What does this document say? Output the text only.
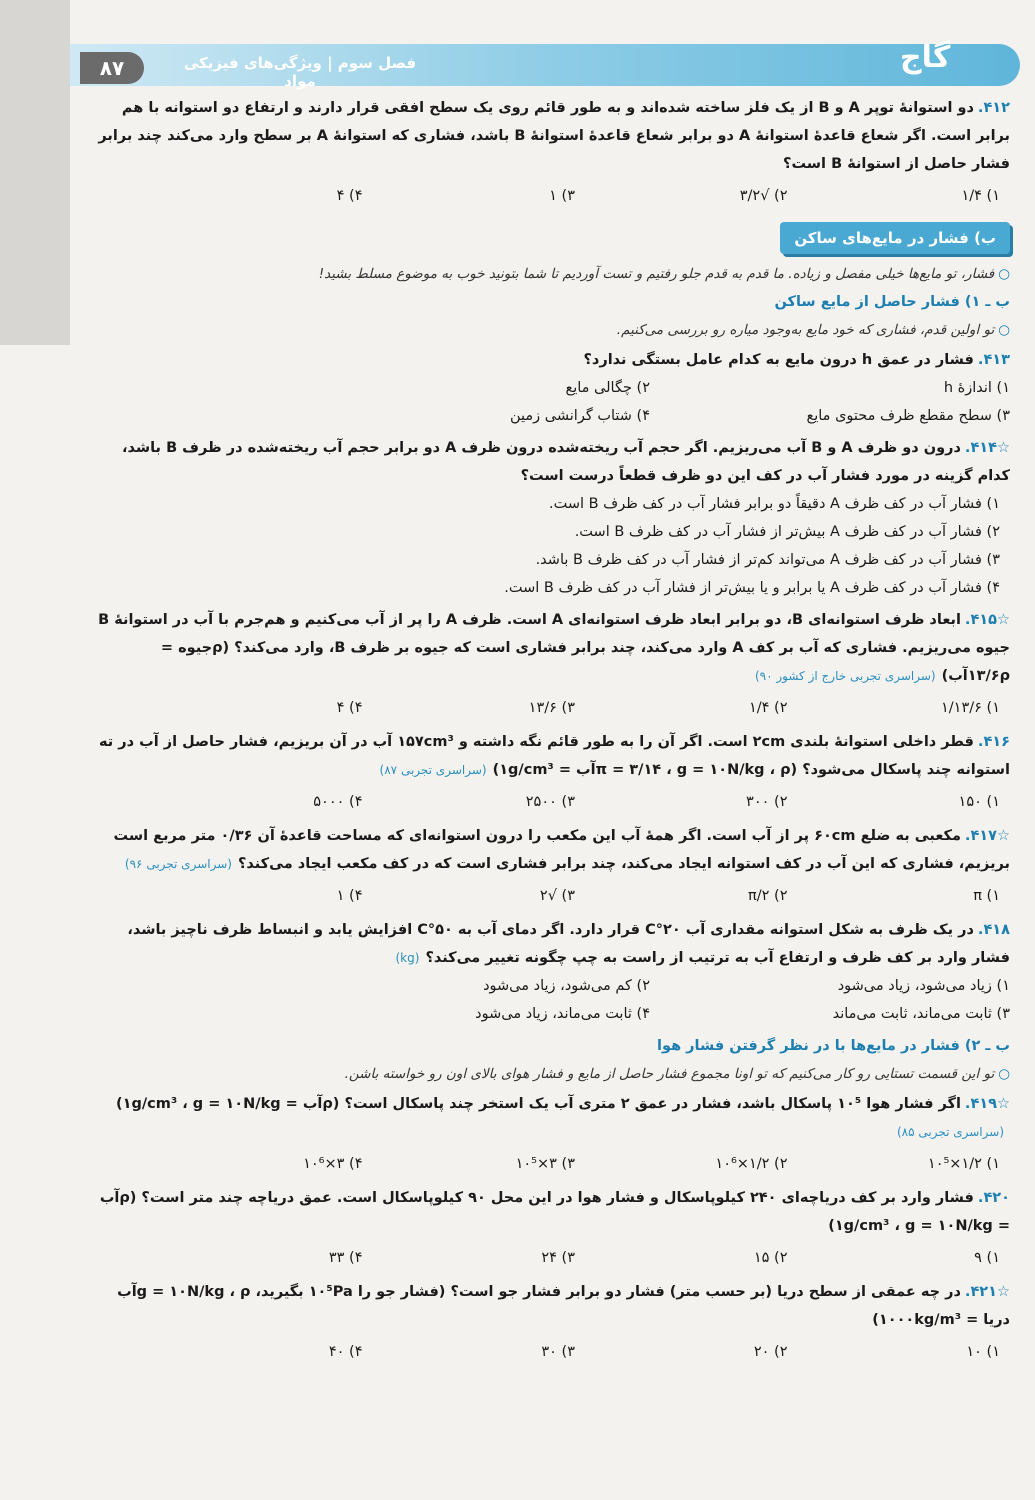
۸۷	فصل سوم | ویژگی‌های فیزیکی مواد
گاج
۴۱۲.دو استوانهٔ توپر A و B از یک فلز ساخته شده‌اند و به طور قائم روی یک سطح افقی قرار دارند و ارتفاع دو استوانه با هم برابر است. اگر شعاع قاعدهٔ استوانهٔ A دو برابر شعاع قاعدهٔ استوانهٔ B باشد، فشاری که استوانهٔ A بر سطح وارد می‌کند چند برابر فشار حاصل از استوانهٔ B است؟
۱) ۱/۴
۲) √۳/۲
۳) ۱
۴) ۴
ب) فشار در مایع‌های ساکن
○فشار، تو مایع‌ها خیلی مفصل و زیاده. ما قدم به قدم جلو رفتیم و تست آوردیم تا شما بتونید خوب به موضوع مسلط بشید!
ب ـ ۱) فشار حاصل از مایع ساکن
○تو اولین قدم، فشاری که خود مایع به‌وجود میاره رو بررسی می‌کنیم.
۴۱۳.فشار در عمق h درون مایع به کدام عامل بستگی ندارد؟
۱) اندازهٔ h
۲) چگالی مایع
۳) سطح مقطع ظرف محتوی مایع
۴) شتاب گرانشی زمین
☆۴۱۴.درون دو ظرف A و B آب می‌ریزیم. اگر حجم آب ریخته‌شده درون ظرف A دو برابر حجم آب ریخته‌شده در ظرف B باشد، کدام گزینه در مورد فشار آب در کف این دو ظرف قطعاً درست است؟
۱) فشار آب در کف ظرف A دقیقاً دو برابر فشار آب در کف ظرف B است.
۲) فشار آب در کف ظرف A بیش‌تر از فشار آب در کف ظرف B است.
۳) فشار آب در کف ظرف A می‌تواند کم‌تر از فشار آب در کف ظرف B باشد.
۴) فشار آب در کف ظرف A یا برابر و یا بیش‌تر از فشار آب در کف ظرف B است.
☆۴۱۵.ابعاد ظرف استوانه‌ای B، دو برابر ابعاد ظرف استوانه‌ای A است. ظرف A را پر از آب می‌کنیم و هم‌جرم با آب در استوانهٔ B جیوه می‌ریزیم. فشاری که آب بر کف A وارد می‌کند، چند برابر فشاری است که جیوه بر ظرف B، وارد می‌کند؟ (ρجیوه = ۱۳/۶ρآب)(سراسری تجربی خارج از کشور ۹۰)
۱) ۱/۱۳/۶
۲) ۱/۴
۳) ۱۳/۶
۴) ۴
۴۱۶.قطر داخلی استوانهٔ بلندی ۲cm است. اگر آن را به طور قائم نگه داشته و ۱۵۷cm³ آب در آن بریزیم، فشار حاصل از آب در ته استوانه چند پاسکال می‌شود؟ (π = ۳/۱۴ ، g = ۱۰N/kg ، ρآب = ۱g/cm³)(سراسری تجربی ۸۷)
۱) ۱۵۰
۲) ۳۰۰
۳) ۲۵۰۰
۴) ۵۰۰۰
☆۴۱۷.مکعبی به ضلع ۶۰cm پر از آب است. اگر همهٔ آب این مکعب را درون استوانه‌ای که مساحت قاعدهٔ آن ۰/۳۶ متر مربع است بریزیم، فشاری که این آب در کف استوانه ایجاد می‌کند، چند برابر فشاری است که در کف مکعب ایجاد می‌کند؟(سراسری تجربی ۹۶)
۱) π
۲) π/۲
۳) √۲
۴) ۱
۴۱۸.در یک ظرف به شکل استوانه مقداری آب ۲۰°C قرار دارد. اگر دمای آب به ۵۰°C افزایش یابد و انبساط ظرف ناچیز باشد، فشار وارد بر کف ظرف و ارتفاع آب به ترتیب از راست به چپ چگونه تغییر می‌کند؟(kg)
۱) زیاد می‌شود، زیاد می‌شود
۲) کم می‌شود، زیاد می‌شود
۳) ثابت می‌ماند، ثابت می‌ماند
۴) ثابت می‌ماند، زیاد می‌شود
ب ـ ۲) فشار در مایع‌ها با در نظر گرفتن فشار هوا
○تو این قسمت تستایی رو کار می‌کنیم که تو اونا مجموع فشار حاصل از مایع و فشار هوای بالای اون رو خواسته باشن.
☆۴۱۹.اگر فشار هوا ۱۰⁵ پاسکال باشد، فشار در عمق ۲ متری آب یک استخر چند پاسکال است؟ (ρآب = ۱g/cm³ ، g = ۱۰N/kg)(سراسری تجربی ۸۵)
۱) ۱/۲×۱۰⁵
۲) ۱/۲×۱۰⁶
۳) ۳×۱۰⁵
۴) ۳×۱۰⁶
۴۲۰.فشار وارد بر کف دریاچه‌ای ۲۴۰ کیلوپاسکال و فشار هوا در این محل ۹۰ کیلوپاسکال است. عمق دریاچه چند متر است؟ (ρآب = ۱g/cm³ ، g = ۱۰N/kg)
۱) ۹
۲) ۱۵
۳) ۲۴
۴) ۳۳
☆۴۲۱.در چه عمقی از سطح دریا (بر حسب متر) فشار دو برابر فشار جو است؟ (فشار جو را ۱۰⁵Pa بگیرید، g = ۱۰N/kg ، ρآب دریا = ۱۰۰۰kg/m³)
۱) ۱۰
۲) ۲۰
۳) ۳۰
۴) ۴۰
